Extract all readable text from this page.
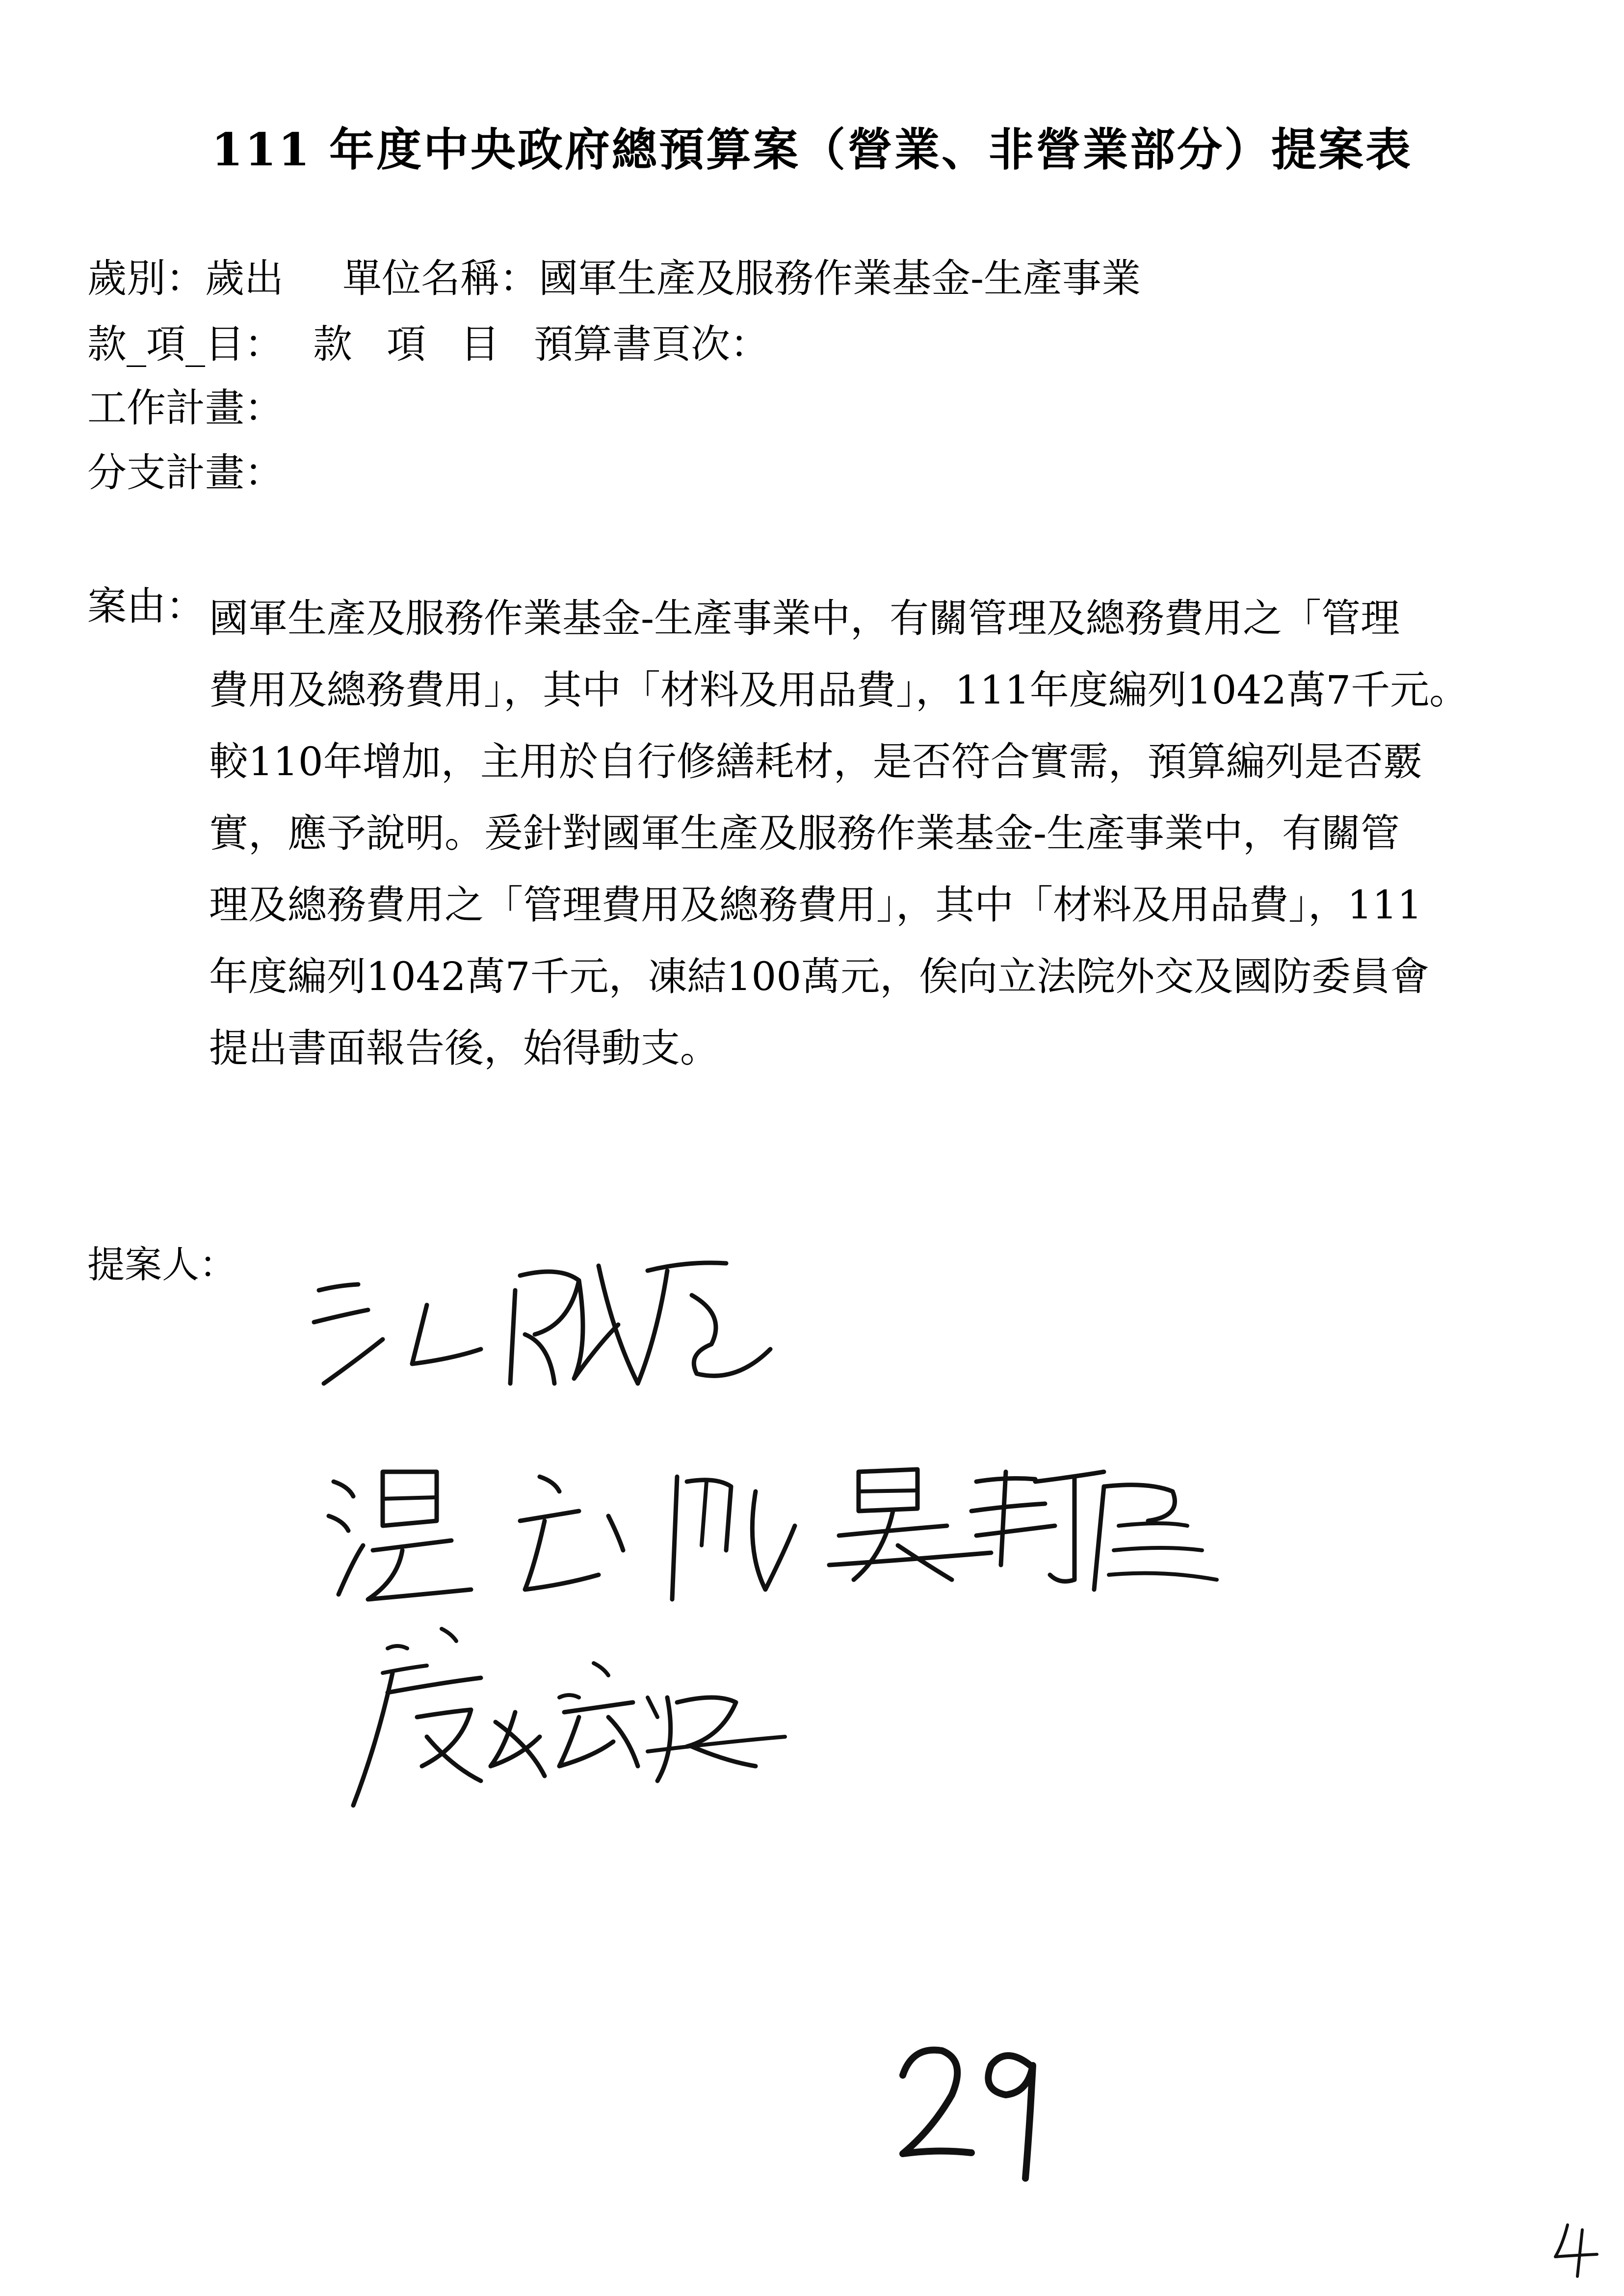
111 年度中央政府總預算案（營業、非營業部分）提案表
歲別：歲出 單位名稱：國軍生產及服務作業基金-生產事業
款_項_目： 款 項 目 預算書頁次：
工作計畫：
分支計畫：
案由： 國軍生產及服務作業基金-生產事業中，有關管理及總務費用之「管理
費用及總務費用」，其中「材料及用品費」，111年度編列1042萬7千元。
較110年增加，主用於自行修繕耗材，是否符合實需，預算編列是否覈
實，應予說明。爰針對國軍生產及服務作業基金-生產事業中，有關管
理及總務費用之「管理費用及總務費用」，其中「材料及用品費」，111
年度編列1042萬7千元，凍結100萬元，俟向立法院外交及國防委員會
提出書面報告後，始得動支。
提案人：
